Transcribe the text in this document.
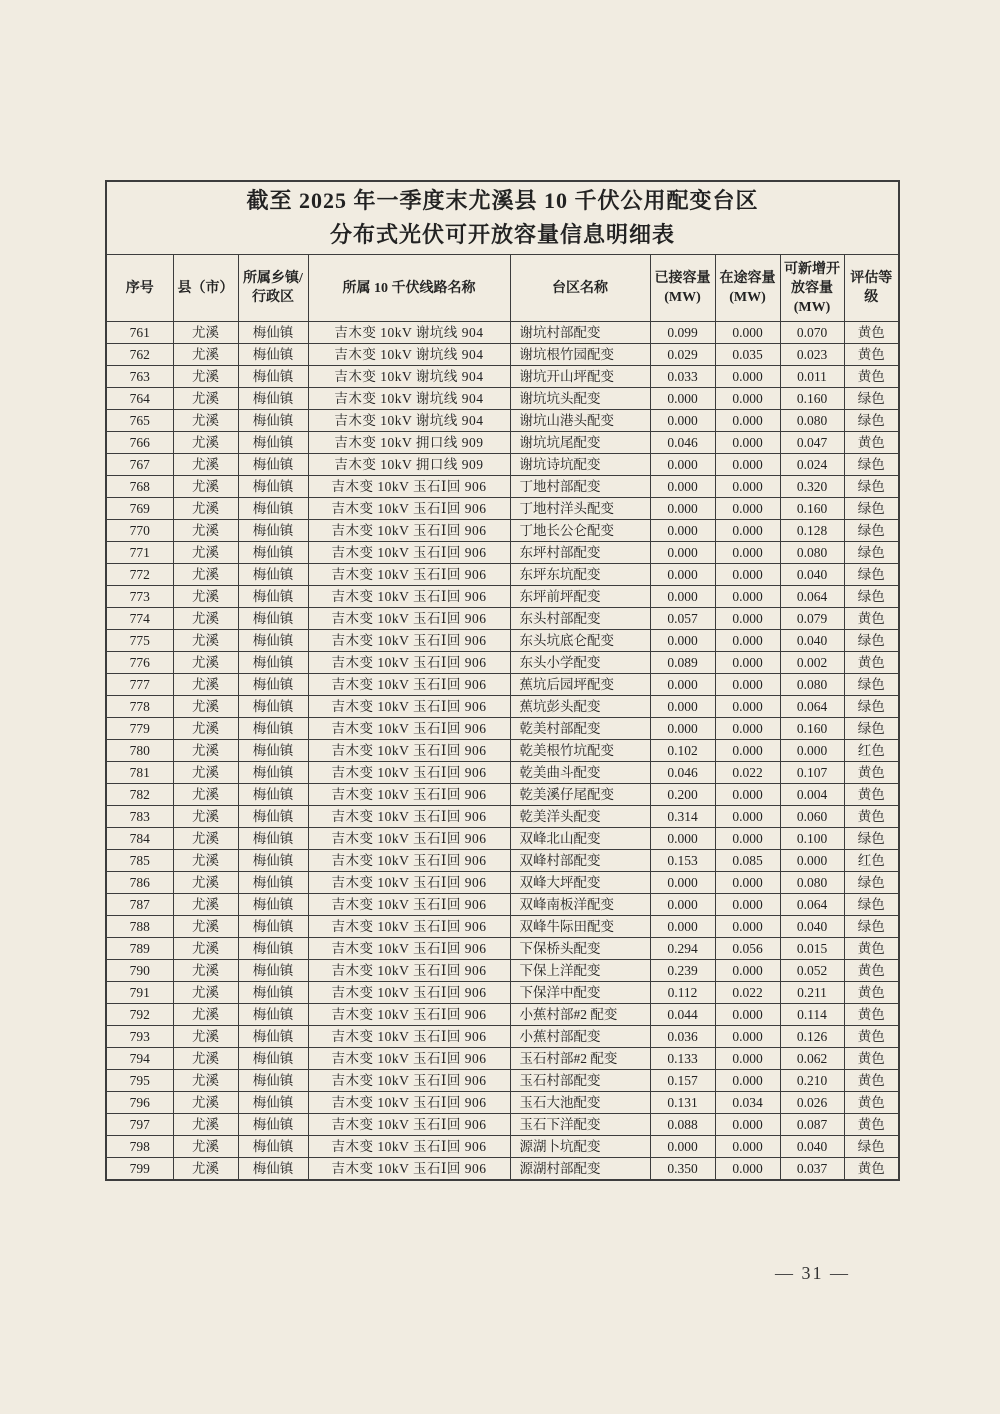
截至 2025 年一季度末尤溪县 10 千伏公用配变台区
分布式光伏可开放容量信息明细表								

序号	县（市）	所属乡镇/行政区	所属 10 千伏线路名称	台区名称	已接容量(MW)	在途容量(MW)	可新增开放容量(MW)	评估等级
761	尤溪	梅仙镇	吉木变 10kV 谢坑线 904	谢坑村部配变	0.099	0.000	0.070	黄色
762	尤溪	梅仙镇	吉木变 10kV 谢坑线 904	谢坑根竹园配变	0.029	0.035	0.023	黄色
763	尤溪	梅仙镇	吉木变 10kV 谢坑线 904	谢坑开山坪配变	0.033	0.000	0.011	黄色
764	尤溪	梅仙镇	吉木变 10kV 谢坑线 904	谢坑坑头配变	0.000	0.000	0.160	绿色
765	尤溪	梅仙镇	吉木变 10kV 谢坑线 904	谢坑山港头配变	0.000	0.000	0.080	绿色
766	尤溪	梅仙镇	吉木变 10kV 拥口线 909	谢坑坑尾配变	0.046	0.000	0.047	黄色
767	尤溪	梅仙镇	吉木变 10kV 拥口线 909	谢坑诗坑配变	0.000	0.000	0.024	绿色
768	尤溪	梅仙镇	吉木变 10kV 玉石Ⅰ回 906	丁地村部配变	0.000	0.000	0.320	绿色
769	尤溪	梅仙镇	吉木变 10kV 玉石Ⅰ回 906	丁地村洋头配变	0.000	0.000	0.160	绿色
770	尤溪	梅仙镇	吉木变 10kV 玉石Ⅰ回 906	丁地长公仑配变	0.000	0.000	0.128	绿色
771	尤溪	梅仙镇	吉木变 10kV 玉石Ⅰ回 906	东坪村部配变	0.000	0.000	0.080	绿色
772	尤溪	梅仙镇	吉木变 10kV 玉石Ⅰ回 906	东坪东坑配变	0.000	0.000	0.040	绿色
773	尤溪	梅仙镇	吉木变 10kV 玉石Ⅰ回 906	东坪前坪配变	0.000	0.000	0.064	绿色
774	尤溪	梅仙镇	吉木变 10kV 玉石Ⅰ回 906	东头村部配变	0.057	0.000	0.079	黄色
775	尤溪	梅仙镇	吉木变 10kV 玉石Ⅰ回 906	东头坑底仑配变	0.000	0.000	0.040	绿色
776	尤溪	梅仙镇	吉木变 10kV 玉石Ⅰ回 906	东头小学配变	0.089	0.000	0.002	黄色
777	尤溪	梅仙镇	吉木变 10kV 玉石Ⅰ回 906	蕉坑后园坪配变	0.000	0.000	0.080	绿色
778	尤溪	梅仙镇	吉木变 10kV 玉石Ⅰ回 906	蕉坑彭头配变	0.000	0.000	0.064	绿色
779	尤溪	梅仙镇	吉木变 10kV 玉石Ⅰ回 906	乾美村部配变	0.000	0.000	0.160	绿色
780	尤溪	梅仙镇	吉木变 10kV 玉石Ⅰ回 906	乾美根竹坑配变	0.102	0.000	0.000	红色
781	尤溪	梅仙镇	吉木变 10kV 玉石Ⅰ回 906	乾美曲斗配变	0.046	0.022	0.107	黄色
782	尤溪	梅仙镇	吉木变 10kV 玉石Ⅰ回 906	乾美溪仔尾配变	0.200	0.000	0.004	黄色
783	尤溪	梅仙镇	吉木变 10kV 玉石Ⅰ回 906	乾美洋头配变	0.314	0.000	0.060	黄色
784	尤溪	梅仙镇	吉木变 10kV 玉石Ⅰ回 906	双峰北山配变	0.000	0.000	0.100	绿色
785	尤溪	梅仙镇	吉木变 10kV 玉石Ⅰ回 906	双峰村部配变	0.153	0.085	0.000	红色
786	尤溪	梅仙镇	吉木变 10kV 玉石Ⅰ回 906	双峰大坪配变	0.000	0.000	0.080	绿色
787	尤溪	梅仙镇	吉木变 10kV 玉石Ⅰ回 906	双峰南板洋配变	0.000	0.000	0.064	绿色
788	尤溪	梅仙镇	吉木变 10kV 玉石Ⅰ回 906	双峰牛际田配变	0.000	0.000	0.040	绿色
789	尤溪	梅仙镇	吉木变 10kV 玉石Ⅰ回 906	下保桥头配变	0.294	0.056	0.015	黄色
790	尤溪	梅仙镇	吉木变 10kV 玉石Ⅰ回 906	下保上洋配变	0.239	0.000	0.052	黄色
791	尤溪	梅仙镇	吉木变 10kV 玉石Ⅰ回 906	下保洋中配变	0.112	0.022	0.211	黄色
792	尤溪	梅仙镇	吉木变 10kV 玉石Ⅰ回 906	小蕉村部#2 配变	0.044	0.000	0.114	黄色
793	尤溪	梅仙镇	吉木变 10kV 玉石Ⅰ回 906	小蕉村部配变	0.036	0.000	0.126	黄色
794	尤溪	梅仙镇	吉木变 10kV 玉石Ⅰ回 906	玉石村部#2 配变	0.133	0.000	0.062	黄色
795	尤溪	梅仙镇	吉木变 10kV 玉石Ⅰ回 906	玉石村部配变	0.157	0.000	0.210	黄色
796	尤溪	梅仙镇	吉木变 10kV 玉石Ⅰ回 906	玉石大池配变	0.131	0.034	0.026	黄色
797	尤溪	梅仙镇	吉木变 10kV 玉石Ⅰ回 906	玉石下洋配变	0.088	0.000	0.087	黄色
798	尤溪	梅仙镇	吉木变 10kV 玉石Ⅰ回 906	源湖卜坑配变	0.000	0.000	0.040	绿色
799	尤溪	梅仙镇	吉木变 10kV 玉石Ⅰ回 906	源湖村部配变	0.350	0.000	0.037	黄色
— 31 —
